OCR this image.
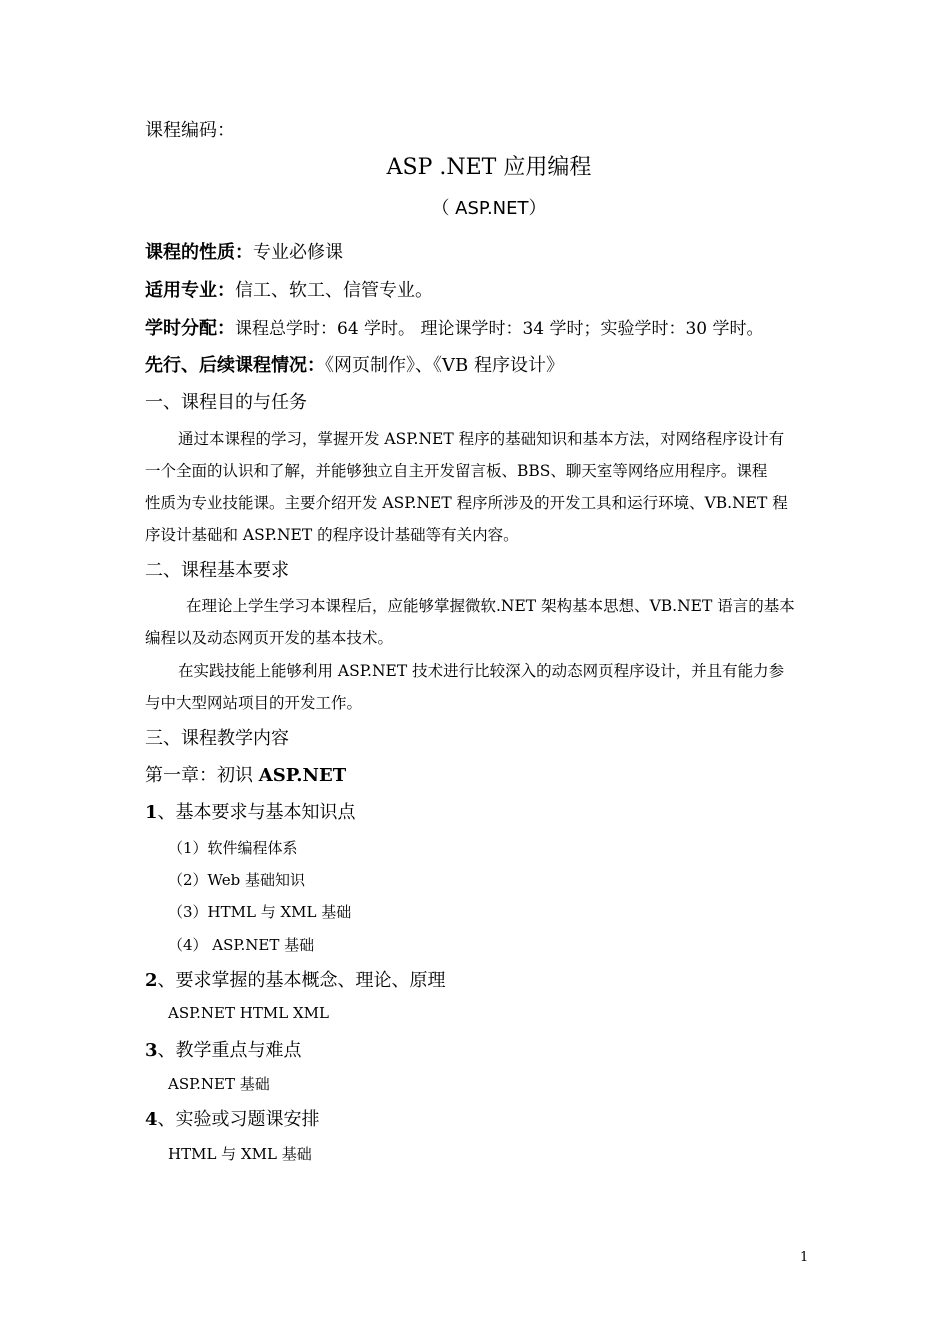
课程编码：
ASP .NET 应用编程
（ ASP.NET）
课程的性质：专业必修课
适用专业：信工、软工、信管专业。
学时分配：课程总学时：64 学时。 理论课学时：34 学时；实验学时：30 学时。
先行、后续课程情况：《网页制作》、《VB 程序设计》
一、课程目的与任务
通过本课程的学习，掌握开发 ASP.NET 程序的基础知识和基本方法，对网络程序设计有
一个全面的认识和了解，并能够独立自主开发留言板、BBS、聊天室等网络应用程序。课程
性质为专业技能课。主要介绍开发 ASP.NET 程序所涉及的开发工具和运行环境、VB.NET 程
序设计基础和 ASP.NET 的程序设计基础等有关内容。
二、课程基本要求
在理论上学生学习本课程后，应能够掌握微软.NET 架构基本思想、VB.NET 语言的基本
编程以及动态网页开发的基本技术。
在实践技能上能够利用 ASP.NET 技术进行比较深入的动态网页程序设计，并且有能力参
与中大型网站项目的开发工作。
三、课程教学内容
第一章：初识 ASP.NET
1、基本要求与基本知识点
（1）软件编程体系
（2）Web 基础知识
（3）HTML 与 XML 基础
（4） ASP.NET 基础
2、要求掌握的基本概念、理论、原理
ASP.NET HTML XML
3、教学重点与难点
ASP.NET 基础
4、实验或习题课安排
HTML 与 XML 基础
1
